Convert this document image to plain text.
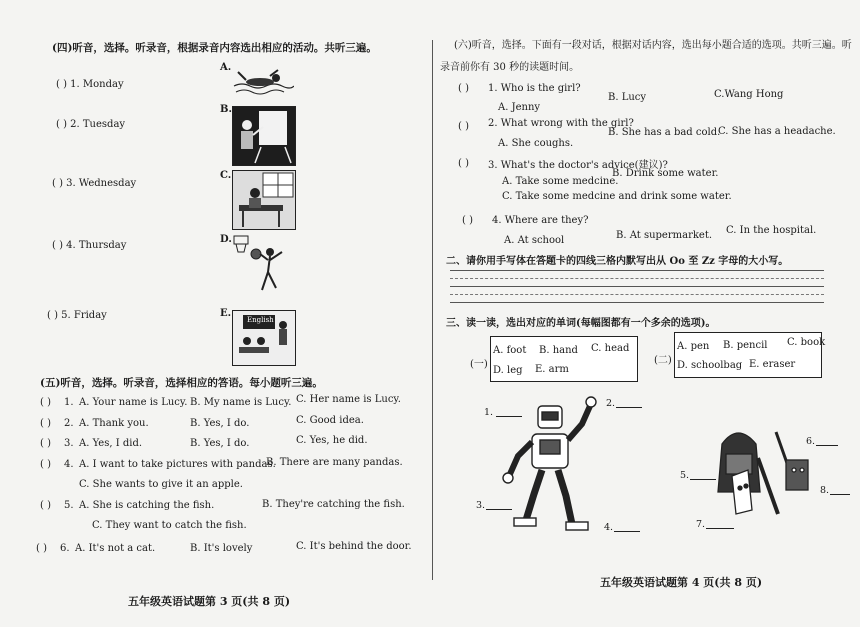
(四)听音，选择。听录音，根据录音内容选出相应的活动。共听三遍。
( ) 1. Monday
( ) 2. Tuesday
( ) 3. Wednesday
( ) 4. Thursday
( ) 5. Friday
A.
B.
C.
D.
E.
English
(五)听音，选择。听录音，选择相应的答语。每小题听三遍。
( ) 1. A. Your name is Lucy. B. My name is Lucy. C. Her name is Lucy.
( ) 2. A. Thank you.	B. Yes, I do.	C. Good idea.
( ) 3. A. Yes, I did.	B. Yes, I do.	C. Yes, he did.
( ) 4. A. I want to take pictures with pandas.
B. There are many pandas.
C. She wants to give it an apple.
( ) 5. A. She is catching the fish.	B. They're catching the fish.
C. They want to catch the fish.
( ) 6. A. It's not a cat.	B. It's lovely	C. It's behind the door.
五年级英语试题第 3 页(共 8 页)
(六)听音，选择。下面有一段对话，根据对话内容，选出每小题合适的选项。共听三遍。听
录音前你有 30 秒的读题时间。
( ) 1. Who is the girl?
A. Jenny
B. Lucy	C.Wang Hong
( ) 2. What wrong with the girl?
A. She coughs.
B. She has a bad cold.
C. She has a headache.
( ) 3. What's the doctor's advice(建议)?
A. Take some medcine.
B. Drink some water.
C. Take some medcine and drink some water.
( ) 4. Where are they?
A. At school	B. At supermarket. C. In the hospital.
二、请你用手写体在答题卡的四线三格内默写出从 Oo 至 Zz 字母的大小写。
三、读一读，选出对应的单词(每幅图都有一个多余的选项)。
(一)
A. foot B. hand C. head
D. leg E. arm
(二)
A. pen B. pencil C. book
D. schoolbag E. eraser
1.
2.
3.
4.
6.
5.
8.
7.
五年级英语试题第 4 页(共 8 页)
